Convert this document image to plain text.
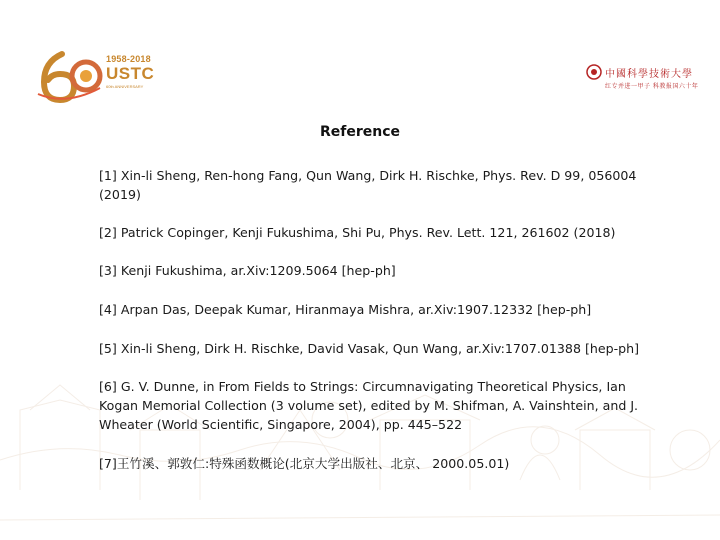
1958-2018
USTC
60th ANNIVERSARY
中國科學技術大學
红专并进一甲子 科教报国六十年
Reference
[1] Xin-li Sheng, Ren-hong Fang, Qun Wang, Dirk H. Rischke, Phys. Rev. D 99, 056004 (2019)
[2] Patrick Copinger, Kenji Fukushima, Shi Pu, Phys. Rev. Lett. 121, 261602 (2018)
[3] Kenji Fukushima, ar.Xiv:1209.5064 [hep-ph]
[4] Arpan Das, Deepak Kumar, Hiranmaya Mishra, ar.Xiv:1907.12332 [hep-ph]
[5] Xin-li Sheng, Dirk H. Rischke, David Vasak, Qun Wang, ar.Xiv:1707.01388 [hep-ph]
[6] G. V. Dunne, in From Fields to Strings: Circumnavigating Theoretical Physics, Ian Kogan Memorial Collection (3 volume set), edited by M. Shifman, A. Vainshtein, and J. Wheater (World Scientific, Singapore, 2004), pp. 445–522
[7]王竹溪、郭敦仁:特殊函数概论(北京大学出版社、北京、 2000.05.01)
